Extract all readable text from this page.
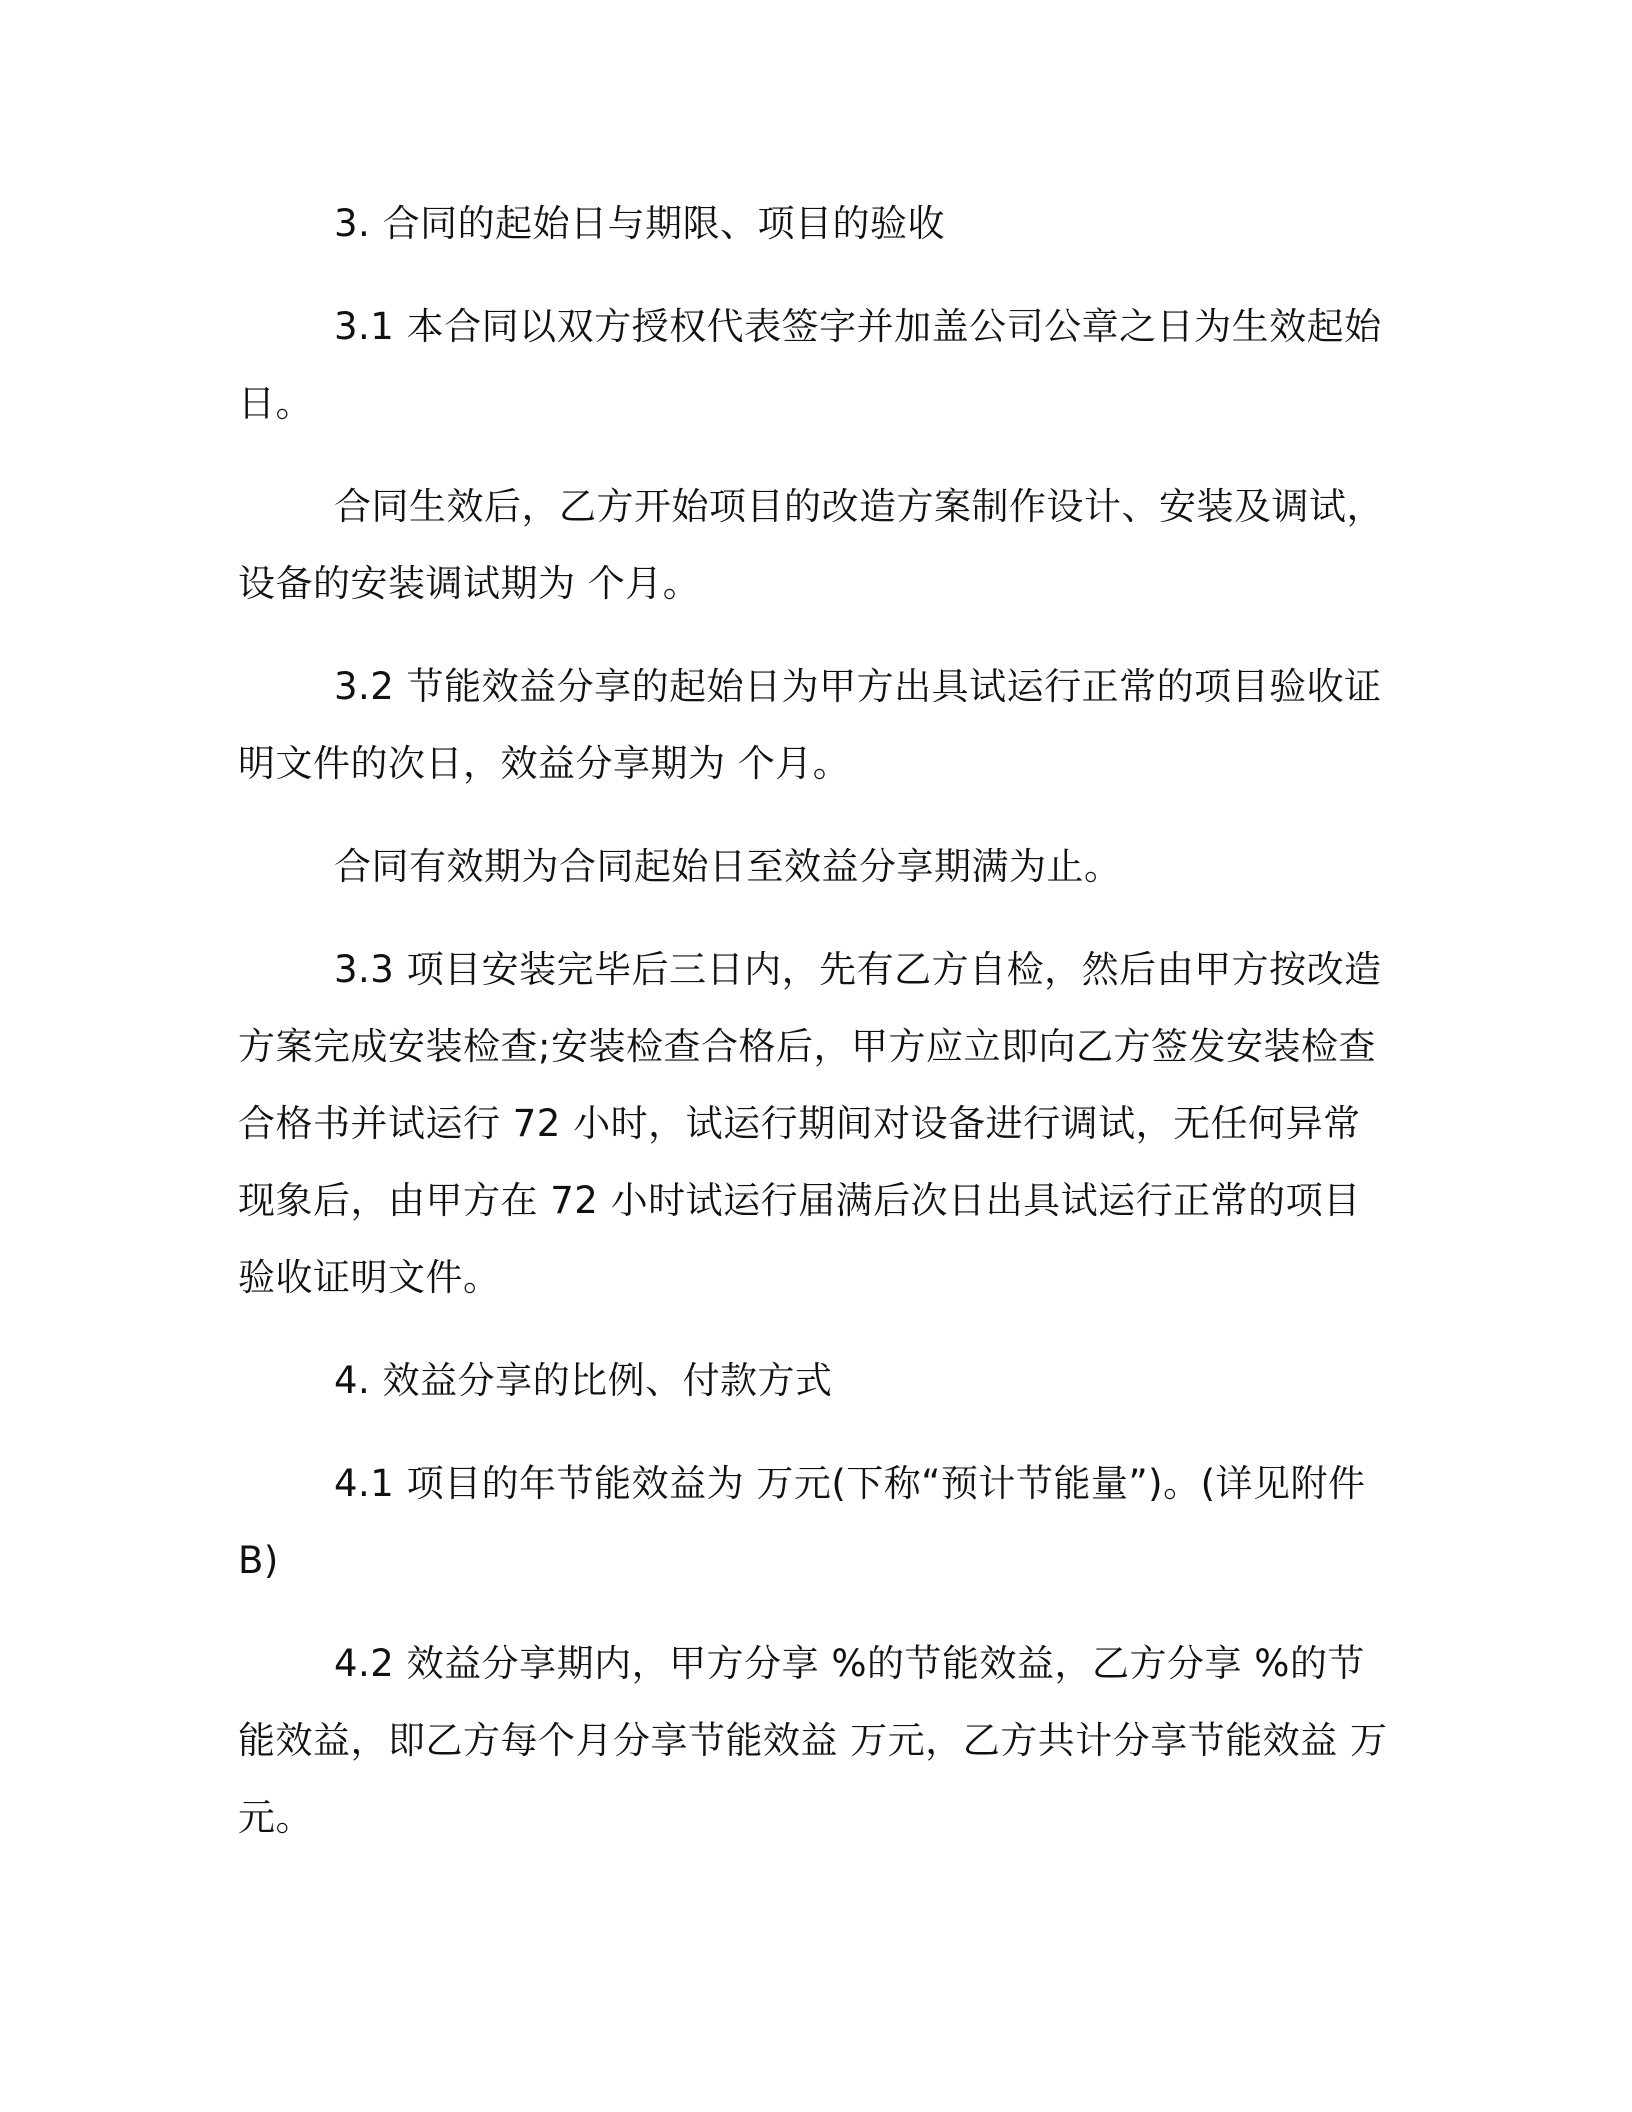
3. 合同的起始日与期限、项目的验收

3.1 本合同以双方授权代表签字并加盖公司公章之日为生效起始日。

合同生效后，乙方开始项目的改造方案制作设计、安装及调试，设备的安装调试期为 个月。

3.2 节能效益分享的起始日为甲方出具试运行正常的项目验收证明文件的次日，效益分享期为 个月。

合同有效期为合同起始日至效益分享期满为止。

3.3 项目安装完毕后三日内，先有乙方自检，然后由甲方按改造方案完成安装检查;安装检查合格后，甲方应立即向乙方签发安装检查合格书并试运行 72 小时，试运行期间对设备进行调试，无任何异常现象后，由甲方在 72 小时试运行届满后次日出具试运行正常的项目验收证明文件。

4. 效益分享的比例、付款方式

4.1 项目的年节能效益为 万元(下称“预计节能量”)。(详见附件B)

4.2 效益分享期内，甲方分享 %的节能效益，乙方分享 %的节能效益，即乙方每个月分享节能效益 万元，乙方共计分享节能效益 万元。
